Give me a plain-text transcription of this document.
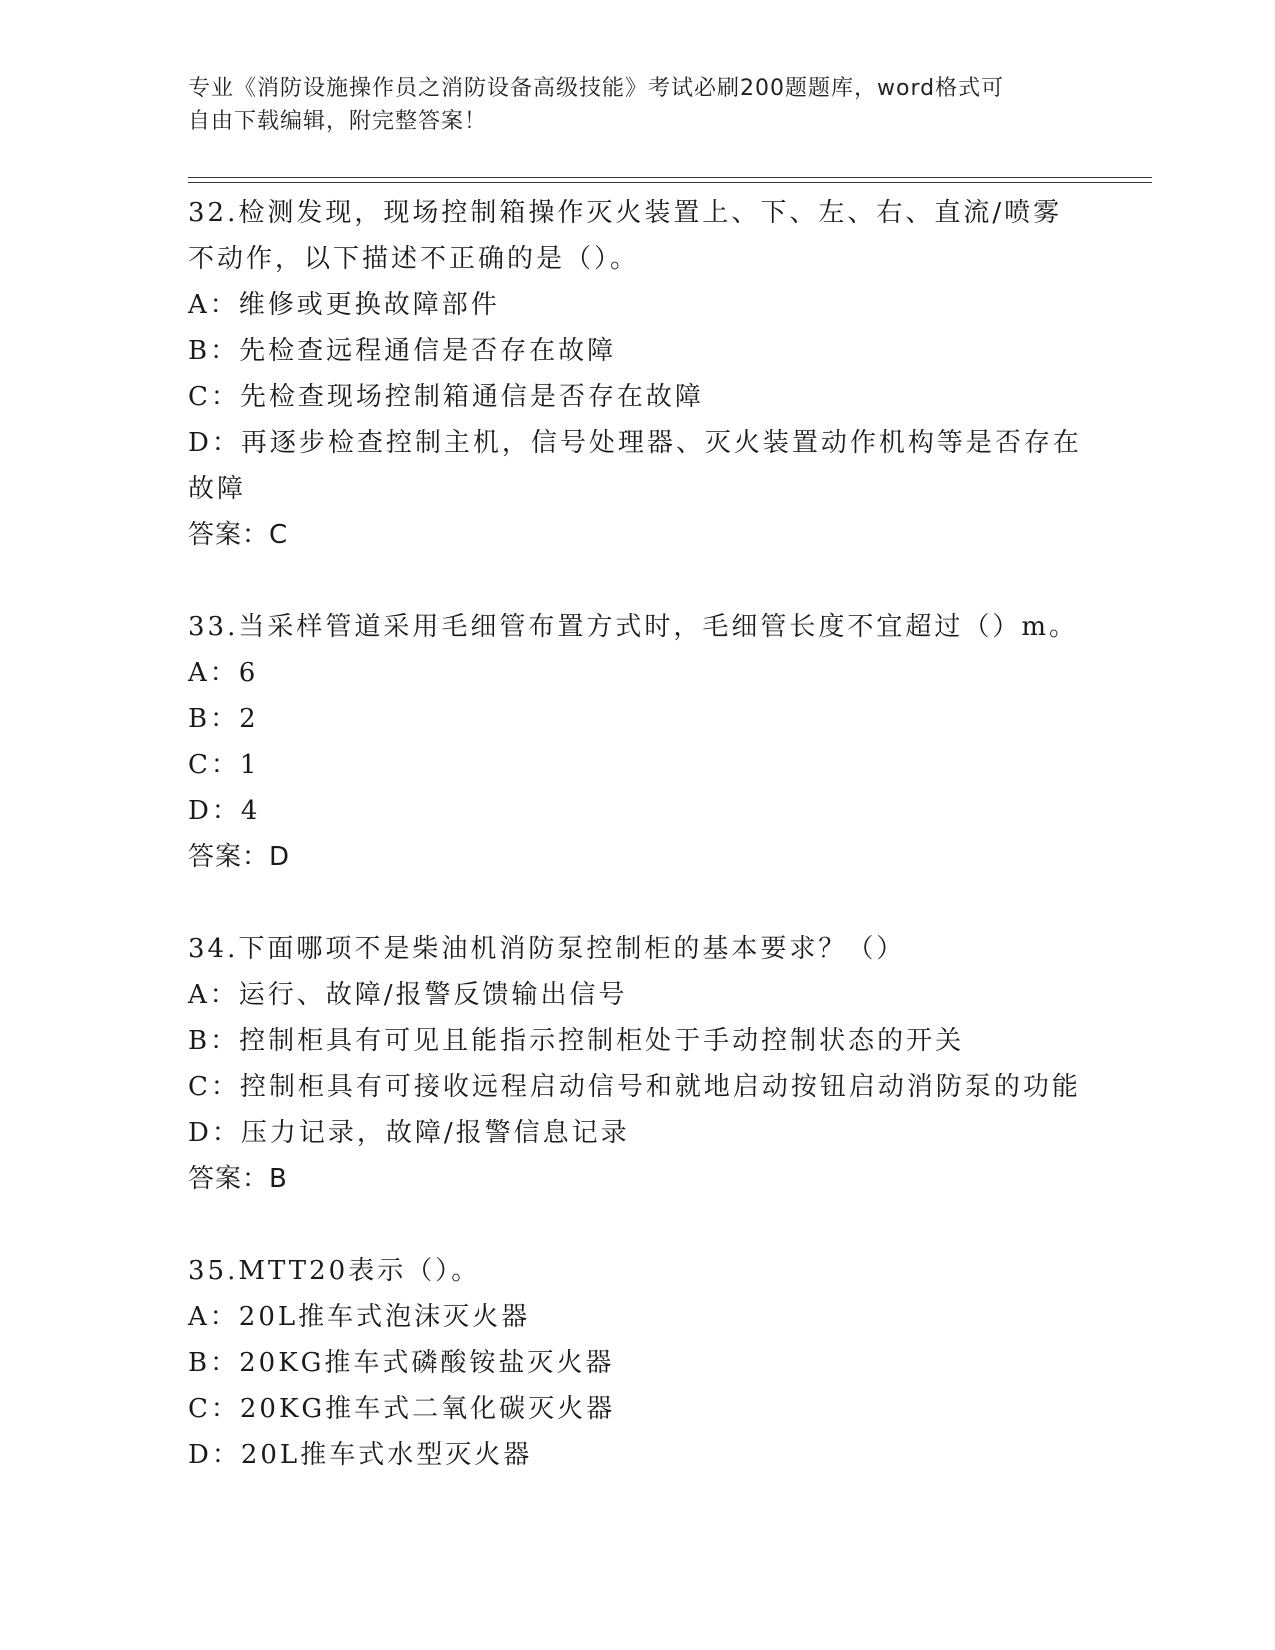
专业《消防设施操作员之消防设备高级技能》考试必刷200题题库，word格式可
自由下载编辑，附完整答案！
32.检测发现，现场控制箱操作灭火装置上、下、左、右、直流/喷雾
不动作，以下描述不正确的是（）。
A：维修或更换故障部件
B：先检查远程通信是否存在故障
C：先检查现场控制箱通信是否存在故障
D：再逐步检查控制主机，信号处理器、灭火装置动作机构等是否存在
故障
答案：C
33.当采样管道采用毛细管布置方式时，毛细管长度不宜超过（）m。
A：6
B：2
C：1
D：4
答案：D
34.下面哪项不是柴油机消防泵控制柜的基本要求？（）
A：运行、故障/报警反馈输出信号
B：控制柜具有可见且能指示控制柜处于手动控制状态的开关
C：控制柜具有可接收远程启动信号和就地启动按钮启动消防泵的功能
D：压力记录，故障/报警信息记录
答案：B
35.MTT20表示（）。
A：20L推车式泡沫灭火器
B：20KG推车式磷酸铵盐灭火器
C：20KG推车式二氧化碳灭火器
D：20L推车式水型灭火器
